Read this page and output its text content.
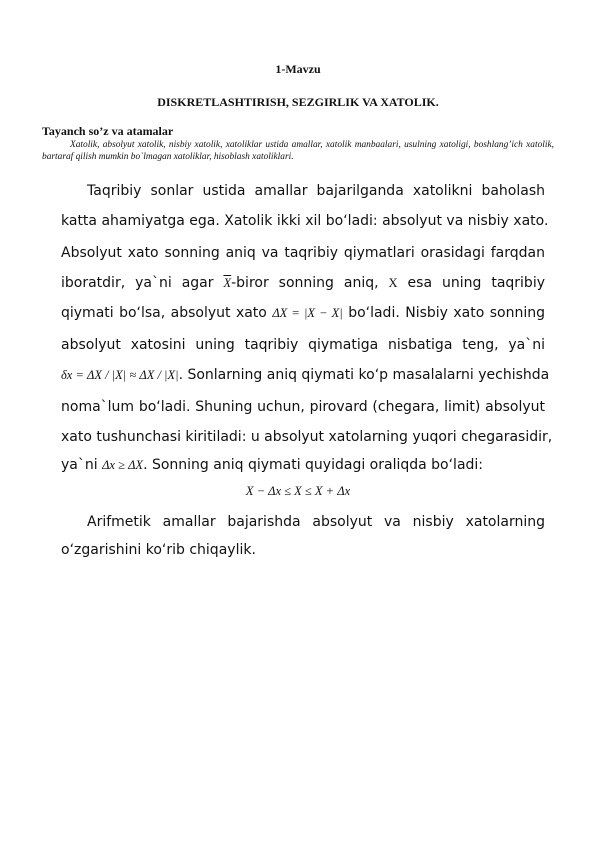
1-Mavzu
DISKRETLASHTIRISH, SEZGIRLIK VA XATOLIK.
Tayanch so’z va atamalar
Xatolik, absolyut xatolik, nisbiy xatolik, xatoliklar ustida amallar, xatolik manbaalari, usulning xatoligi, boshlang’ich xatolik, bartaraf qilish mumkin bo`lmagan xatoliklar, hisoblash xatoliklari.
Taqribiy sonlar ustida amallar bajarilganda xatolikni baholash
katta ahamiyatga ega. Xatolik ikki xil bo‘ladi: absolyut va nisbiy xato.
Absolyut xato sonning aniq va taqribiy qiymatlari orasidagi farqdan
iboratdir, ya`ni agar $\overline{X}$-biror sonning aniq, X esa uning taqribiy
qiymati bo‘lsa, absolyut xato ΔX = |X − X| bo‘ladi. Nisbiy xato sonning
absolyut xatosini uning taqribiy qiymatiga nisbatiga teng, ya`ni
δx = ΔX / |X| ≈ ΔX / |X|. Sonlarning aniq qiymati ko‘p masalalarni yechishda
noma`lum bo‘ladi. Shuning uchun, pirovard (chegara, limit) absolyut
xato tushunchasi kiritiladi: u absolyut xatolarning yuqori chegarasidir,
ya`ni Δx ≥ ΔX. Sonning aniq qiymati quyidagi oraliqda bo‘ladi:
X − Δx ≤ X ≤ X + Δx
Arifmetik amallar bajarishda absolyut va nisbiy xatolarning
o‘zgarishini ko‘rib chiqaylik.
